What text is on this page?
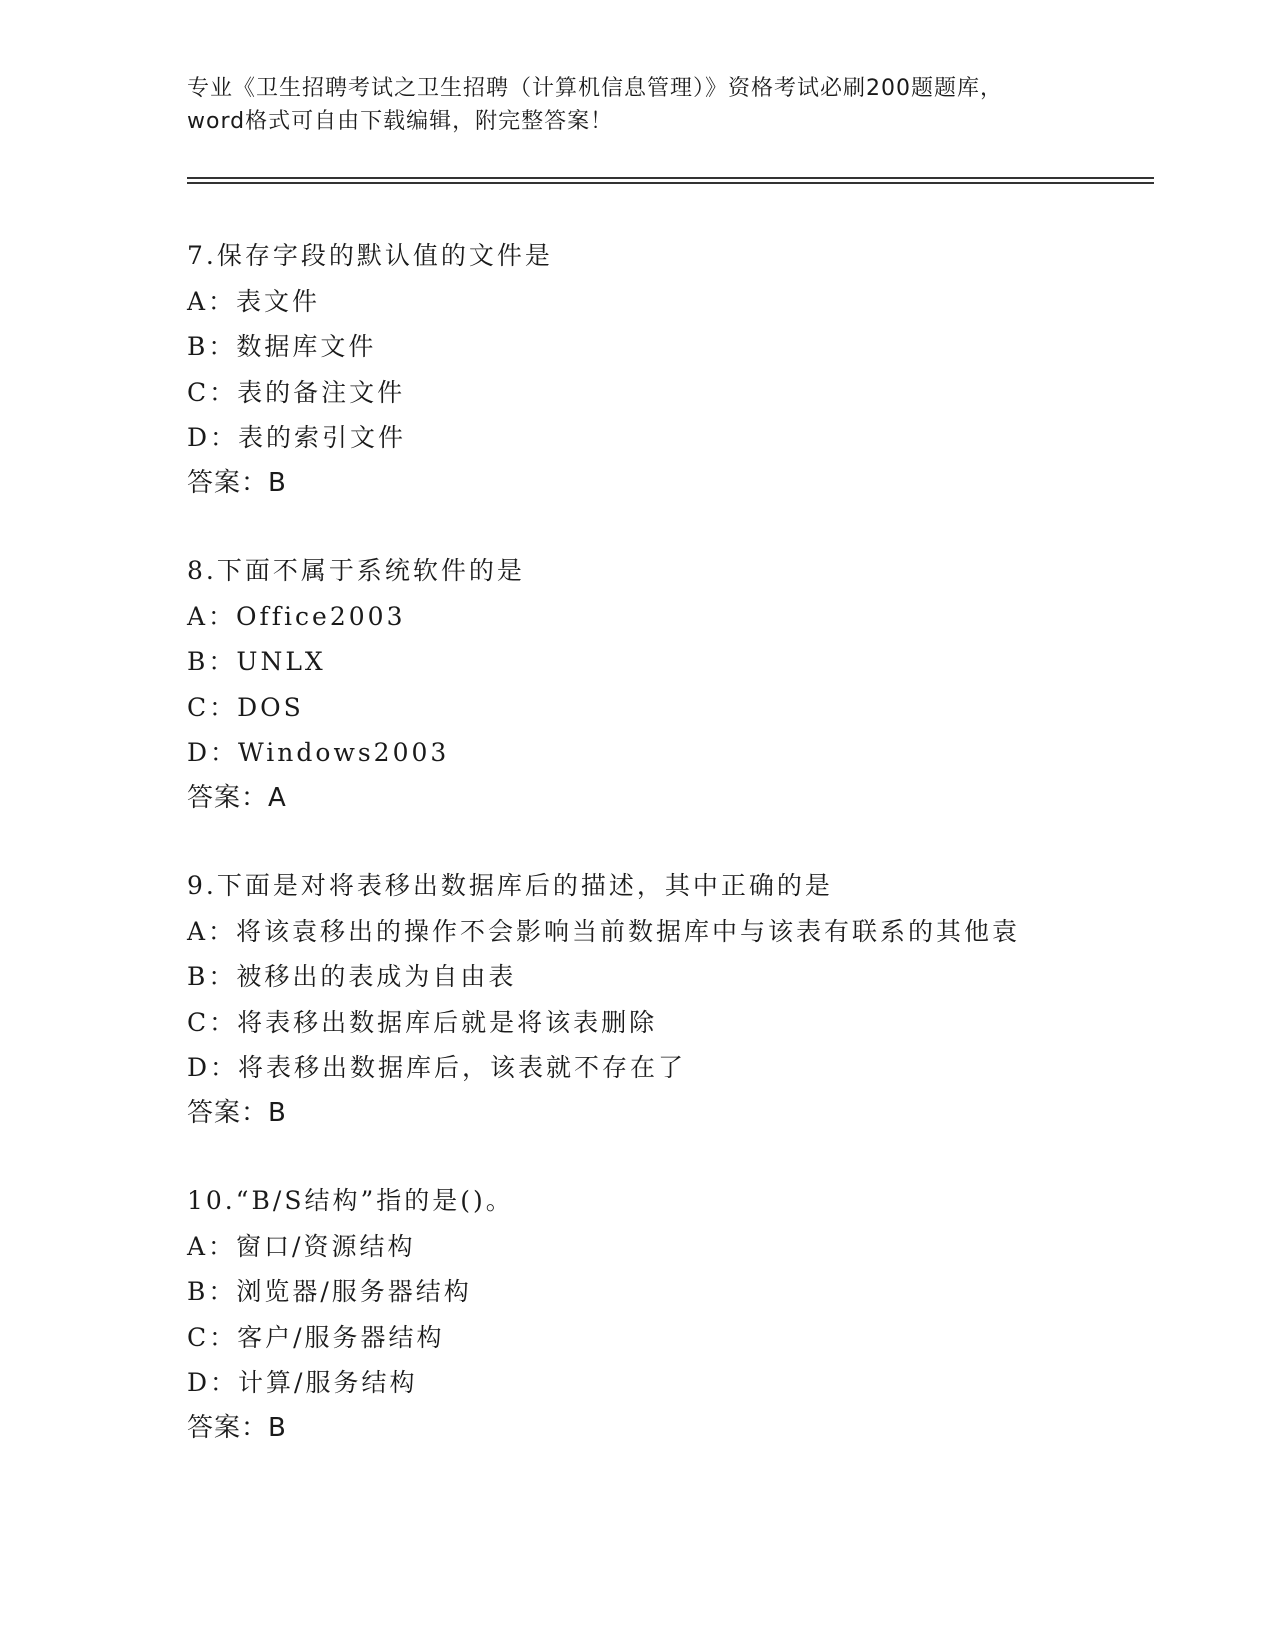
专业《卫生招聘考试之卫生招聘（计算机信息管理）》资格考试必刷200题题库，
word格式可自由下载编辑，附完整答案！
7.保存字段的默认值的文件是
A：表文件
B：数据库文件
C：表的备注文件
D：表的索引文件
答案：B
8.下面不属于系统软件的是
A：Office2003
B：UNLX
C：DOS
D：Windows2003
答案：A
9.下面是对将表移出数据库后的描述，其中正确的是
A：将该袁移出的操作不会影响当前数据库中与该表有联系的其他袁
B：被移出的表成为自由表
C：将表移出数据库后就是将该表删除
D：将表移出数据库后，该表就不存在了
答案：B
10.“B/S结构”指的是()。
A：窗口/资源结构
B：浏览器/服务器结构
C：客户/服务器结构
D：计算/服务结构
答案：B
